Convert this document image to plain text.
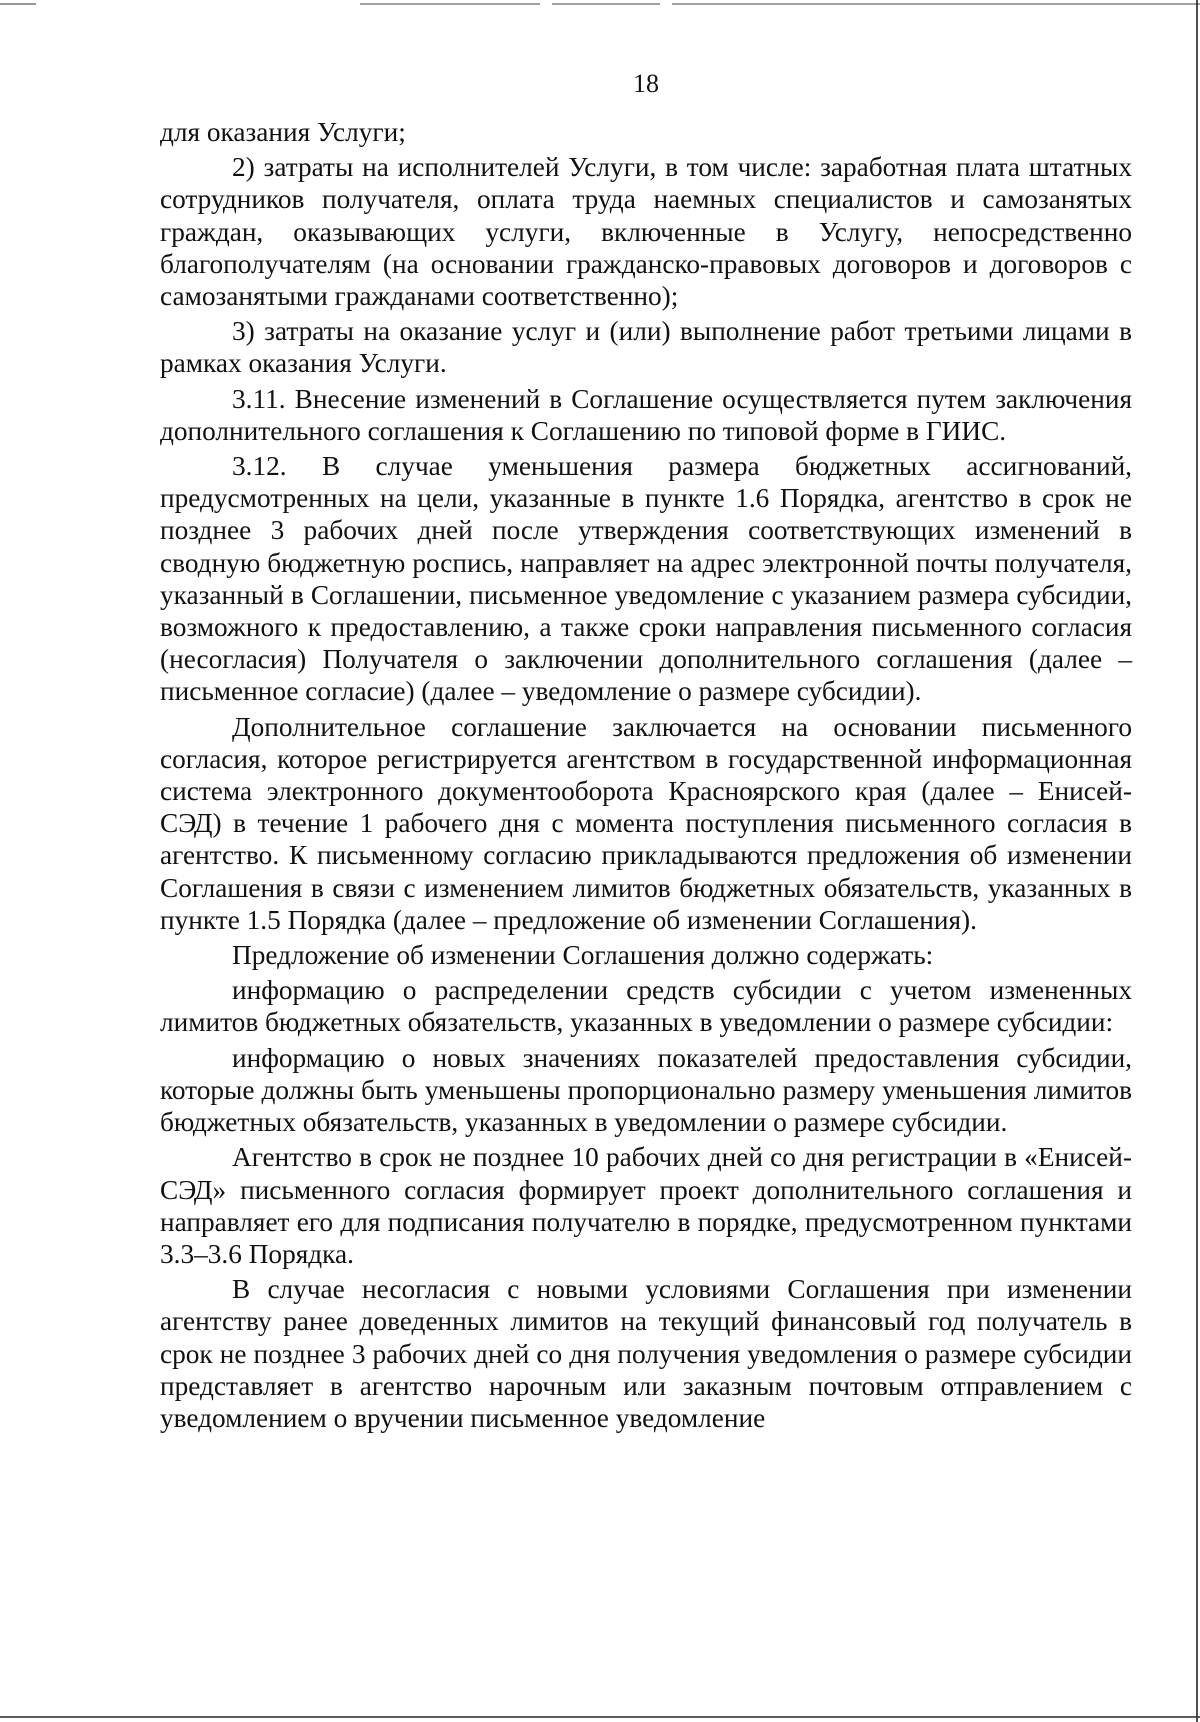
18

для оказания Услуги;

2) затраты на исполнителей Услуги, в том числе: заработная плата штатных сотрудников получателя, оплата труда наемных специалистов и самозанятых граждан, оказывающих услуги, включенные в Услугу, непосредственно благополучателям (на основании гражданско-правовых договоров и договоров с самозанятыми гражданами соответственно);

3) затраты на оказание услуг и (или) выполнение работ третьими лицами в рамках оказания Услуги.

3.11. Внесение изменений в Соглашение осуществляется путем заключения дополнительного соглашения к Соглашению по типовой форме в ГИИС.

3.12. В случае уменьшения размера бюджетных ассигнований, предусмотренных на цели, указанные в пункте 1.6 Порядка, агентство в срок не позднее 3 рабочих дней после утверждения соответствующих изменений в сводную бюджетную роспись, направляет на адрес электронной почты получателя, указанный в Соглашении, письменное уведомление с указанием размера субсидии, возможного к предоставлению, а также сроки направления письменного согласия (несогласия) Получателя о заключении дополнительного соглашения (далее – письменное согласие) (далее – уведомление о размере субсидии).

Дополнительное соглашение заключается на основании письменного согласия, которое регистрируется агентством в государственной информационная система электронного документооборота Красноярского края (далее – Енисей-СЭД) в течение 1 рабочего дня с момента поступления письменного согласия в агентство. К письменному согласию прикладываются предложения об изменении Соглашения в связи с изменением лимитов бюджетных обязательств, указанных в пункте 1.5 Порядка (далее – предложение об изменении Соглашения).

Предложение об изменении Соглашения должно содержать:

информацию о распределении средств субсидии с учетом измененных лимитов бюджетных обязательств, указанных в уведомлении о размере субсидии:

информацию о новых значениях показателей предоставления субсидии, которые должны быть уменьшены пропорционально размеру уменьшения лимитов бюджетных обязательств, указанных в уведомлении о размере субсидии.

Агентство в срок не позднее 10 рабочих дней со дня регистрации в «Енисей-СЭД» письменного согласия формирует проект дополнительного соглашения и направляет его для подписания получателю в порядке, предусмотренном пунктами 3.3–3.6 Порядка.

В случае несогласия с новыми условиями Соглашения при изменении агентству ранее доведенных лимитов на текущий финансовый год получатель в срок не позднее 3 рабочих дней со дня получения уведомления о размере субсидии представляет в агентство нарочным или заказным почтовым отправлением с уведомлением о вручении письменное уведомление
